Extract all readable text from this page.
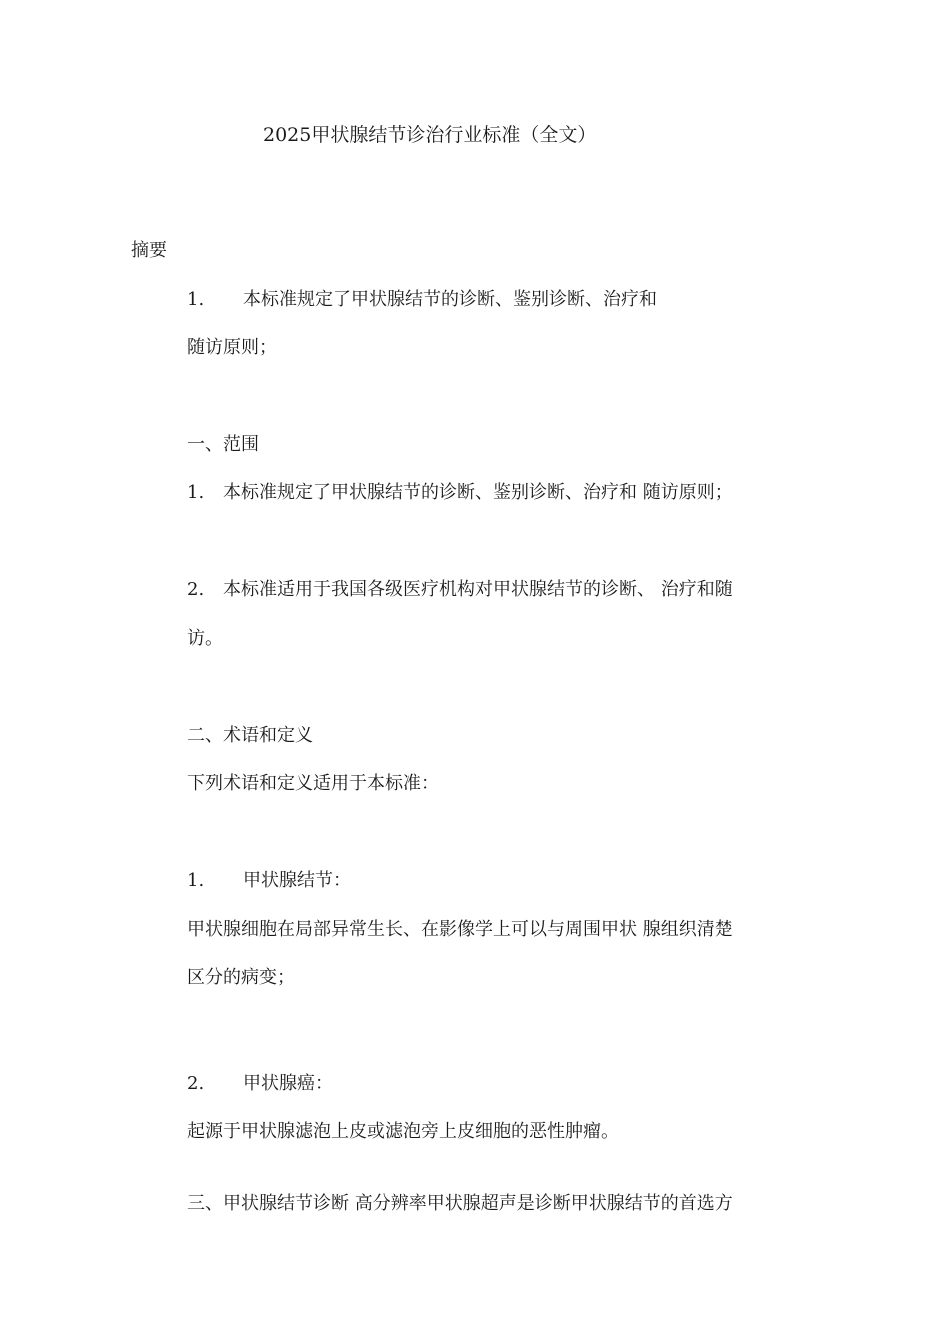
2025甲状腺结节诊治行业标准（全文）
摘要
1. 本标准规定了甲状腺结节的诊断、鉴别诊断、治疗和
随访原则；
一、范围
1. 本标准规定了甲状腺结节的诊断、鉴别诊断、治疗和 随访原则；
2. 本标准适用于我国各级医疗机构对甲状腺结节的诊断、 治疗和随
访。
二、术语和定义
下列术语和定义适用于本标准：
1. 甲状腺结节：
甲状腺细胞在局部异常生长、在影像学上可以与周围甲状 腺组织清楚
区分的病变；
2. 甲状腺癌：
起源于甲状腺滤泡上皮或滤泡旁上皮细胞的恶性肿瘤。
三、甲状腺结节诊断 高分辨率甲状腺超声是诊断甲状腺结节的首选方
